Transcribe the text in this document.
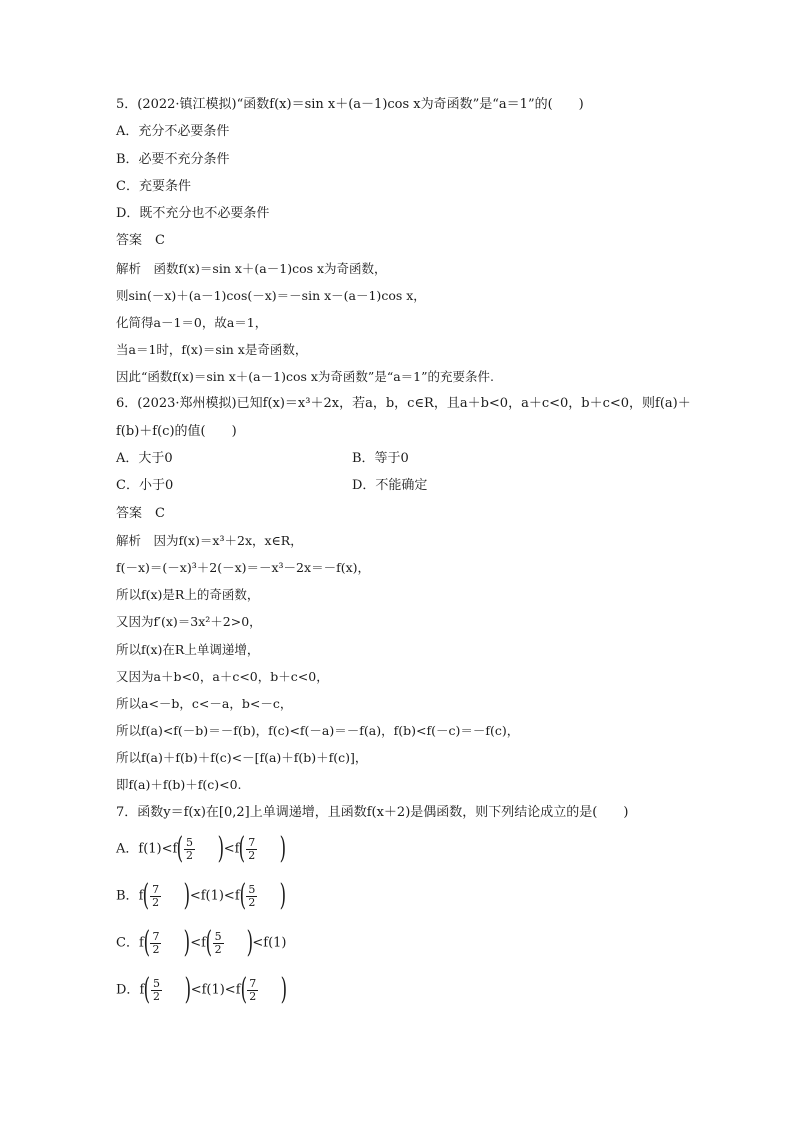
5．(2022·镇江模拟)“函数f(x)＝sin x＋(a－1)cos x为奇函数”是“a＝1”的(　　)
A．充分不必要条件
B．必要不充分条件
C．充要条件
D．既不充分也不必要条件
答案　C
解析　函数f(x)＝sin x＋(a－1)cos x为奇函数，
则sin(－x)＋(a－1)cos(－x)＝－sin x－(a－1)cos x，
化简得a－1＝0，故a＝1，
当a＝1时，f(x)＝sin x是奇函数，
因此“函数f(x)＝sin x＋(a－1)cos x为奇函数”是“a＝1”的充要条件.
6．(2023·郑州模拟)已知f(x)＝x³＋2x，若a，b，c∈R，且a＋b<0，a＋c<0，b＋c<0，则f(a)＋
f(b)＋f(c)的值(　　)
A．大于0	B．等于0
C．小于0	D．不能确定
答案　C
解析　因为f(x)＝x³＋2x，x∈R，
f(－x)＝(－x)³＋2(－x)＝－x³－2x＝－f(x)，
所以f(x)是R上的奇函数，
又因为f′(x)＝3x²＋2>0，
所以f(x)在R上单调递增，
又因为a＋b<0，a＋c<0，b＋c<0，
所以a<－b，c<－a，b<－c，
所以f(a)<f(－b)＝－f(b)，f(c)<f(－a)＝－f(a)，f(b)<f(－c)＝－f(c)，
所以f(a)＋f(b)＋f(c)<－[f(a)＋f(b)＋f(c)]，
即f(a)＋f(b)＋f(c)<0.
7．函数y＝f(x)在[0,2]上单调递增，且函数f(x＋2)是偶函数，则下列结论成立的是(　　)
A．$f(1)<f( \frac{5}{2} )<f( \frac{7}{2}$ )
B．$f( \frac{7}{2} )<f(1)<f( \frac{5}{2}$ )
C．$f( \frac{7}{2} )<f( \frac{5}{2} )<f(1)$
D．$f( \frac{5}{2} )<f(1)<f( \frac{7}{2}$ )
